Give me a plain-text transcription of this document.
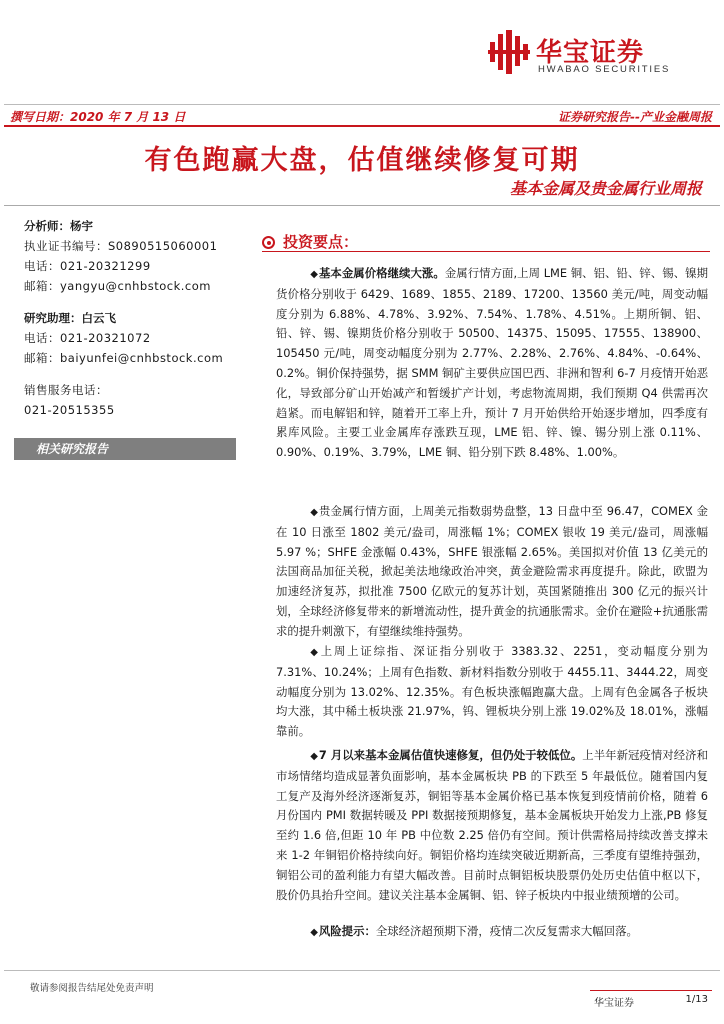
华宝证券
HWABAO SECURITIES
撰写日期：2020 年 7 月 13 日	证券研究报告--产业金融周报
有色跑赢大盘，估值继续修复可期
基本金属及贵金属行业周报
分析师：杨宇
执业证书编号：S0890515060001
电话：021-20321299
邮箱：yangyu@cnhbstock.com
研究助理：白云飞
电话：021-20321072
邮箱：baiyunfei@cnhbstock.com
销售服务电话：
021-20515355
相关研究报告
投资要点：
◆基本金属价格继续大涨。金属行情方面,上周 LME 铜、铝、铅、锌、锡、镍期货价格分别收于 6429、1689、1855、2189、17200、13560 美元/吨，周变动幅度分别为 6.88%、4.78%、3.92%、7.54%、1.78%、4.51%。上期所铜、铝、铅、锌、锡、镍期货价格分别收于 50500、14375、15095、17555、138900、105450 元/吨，周变动幅度分别为 2.77%、2.28%、2.76%、4.84%、-0.64%、0.2%。铜价保持强势，据 SMM 铜矿主要供应国巴西、非洲和智利 6-7 月疫情开始恶化，导致部分矿山开始减产和暂缓扩产计划，考虑物流周期，我们预期 Q4 供需再次趋紧。而电解铝和锌，随着开工率上升，预计 7 月开始供给开始逐步增加，四季度有累库风险。主要工业金属库存涨跌互现，LME 铝、锌、镍、锡分别上涨 0.11%、0.90%、0.19%、3.79%，LME 铜、铅分别下跌 8.48%、1.00%。
◆贵金属行情方面，上周美元指数弱势盘整，13 日盘中至 96.47，COMEX 金在 10 日涨至 1802 美元/盎司，周涨幅 1%；COMEX 银收 19 美元/盎司，周涨幅 5.97 %；SHFE 金涨幅 0.43%，SHFE 银涨幅 2.65%。美国拟对价值 13 亿美元的法国商品加征关税，掀起美法地缘政治冲突，黄金避险需求再度提升。除此，欧盟为加速经济复苏，拟批准 7500 亿欧元的复苏计划，英国紧随推出 300 亿元的振兴计划，全球经济修复带来的新增流动性，提升黄金的抗通胀需求。金价在避险+抗通胀需求的提升刺激下，有望继续维持强势。
◆上周上证综指、深证指分别收于 3383.32、2251，变动幅度分别为 7.31%、10.24%；上周有色指数、新材料指数分别收于 4455.11、3444.22，周变动幅度分别为 13.02%、12.35%。有色板块涨幅跑赢大盘。上周有色金属各子板块均大涨，其中稀土板块涨 21.97%，钨、锂板块分别上涨 19.02%及 18.01%，涨幅靠前。
◆7 月以来基本金属估值快速修复，但仍处于较低位。上半年新冠疫情对经济和市场情绪均造成显著负面影响，基本金属板块 PB 的下跌至 5 年最低位。随着国内复工复产及海外经济逐渐复苏，铜铝等基本金属价格已基本恢复到疫情前价格，随着 6 月份国内 PMI 数据转暖及 PPI 数据接预期修复，基本金属板块开始发力上涨,PB 修复至约 1.6 倍,但距 10 年 PB 中位数 2.25 倍仍有空间。预计供需格局持续改善支撑未来 1-2 年铜铝价格持续向好。铜铝价格均连续突破近期新高，三季度有望维持强劲，铜铝公司的盈利能力有望大幅改善。目前时点铜铝板块股票仍处历史估值中枢以下，股价仍具抬升空间。建议关注基本金属铜、铝、锌子板块内中报业绩预增的公司。
◆风险提示：全球经济超预期下滑，疫情二次反复需求大幅回落。
敬请参阅报告结尾处免责声明
华宝证券	1/13
